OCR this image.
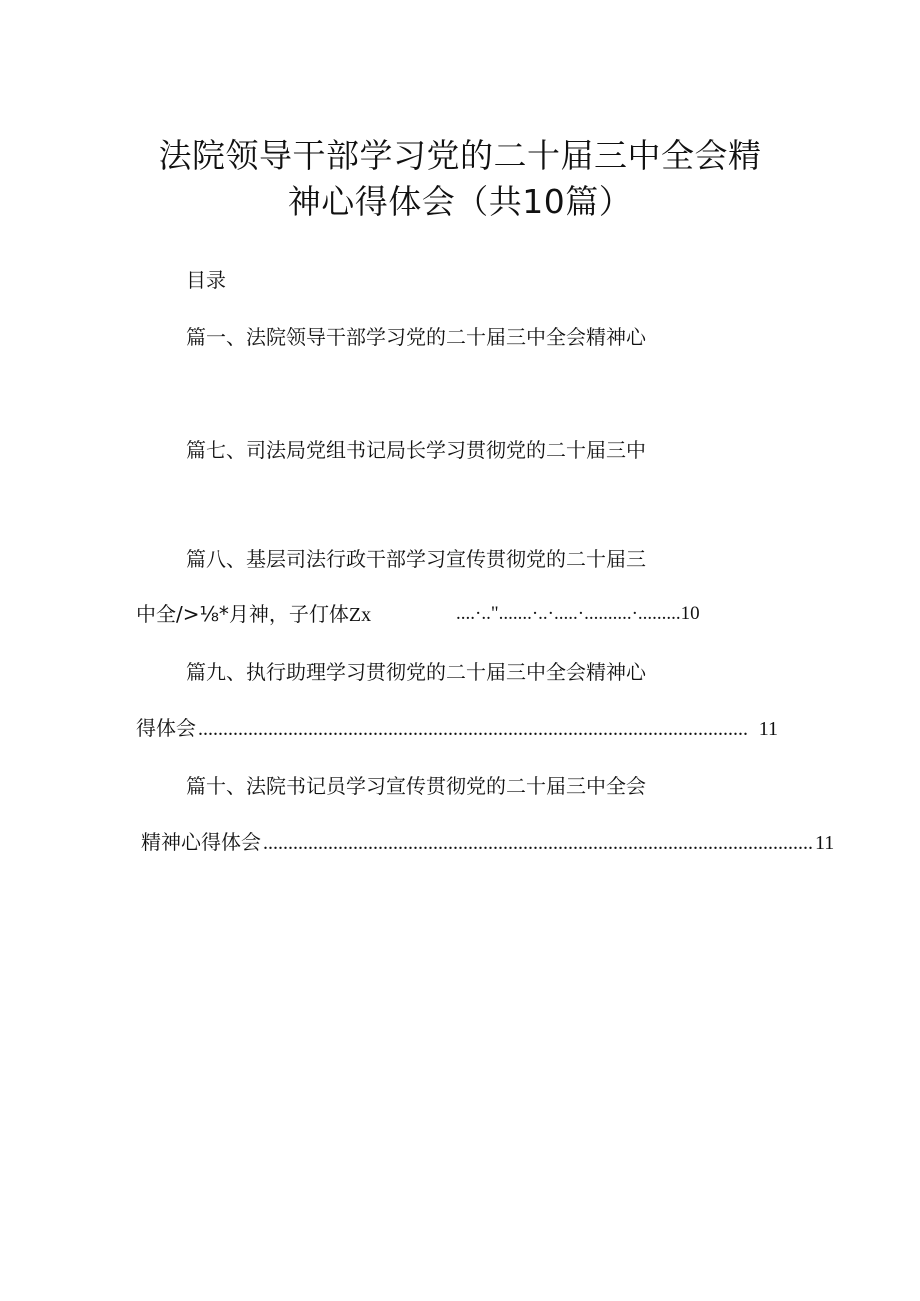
法院领导干部学习党的二十届三中全会精
神心得体会（共10篇）
目录
篇一、法院领导干部学习党的二十届三中全会精神心
篇七、司法局党组书记局长学习贯彻党的二十届三中
篇八、基层司法行政干部学习宣传贯彻党的二十届三
中全/>⅛*月神，子仃体Zx	....·..".......·..·.....·..........·.........10
篇九、执行助理学习贯彻党的二十届三中全会精神心
得体会 .............................................................................................................. 11
篇十、法院书记员学习宣传贯彻党的二十届三中全会
精神心得体会 .............................................................................................................. 11
